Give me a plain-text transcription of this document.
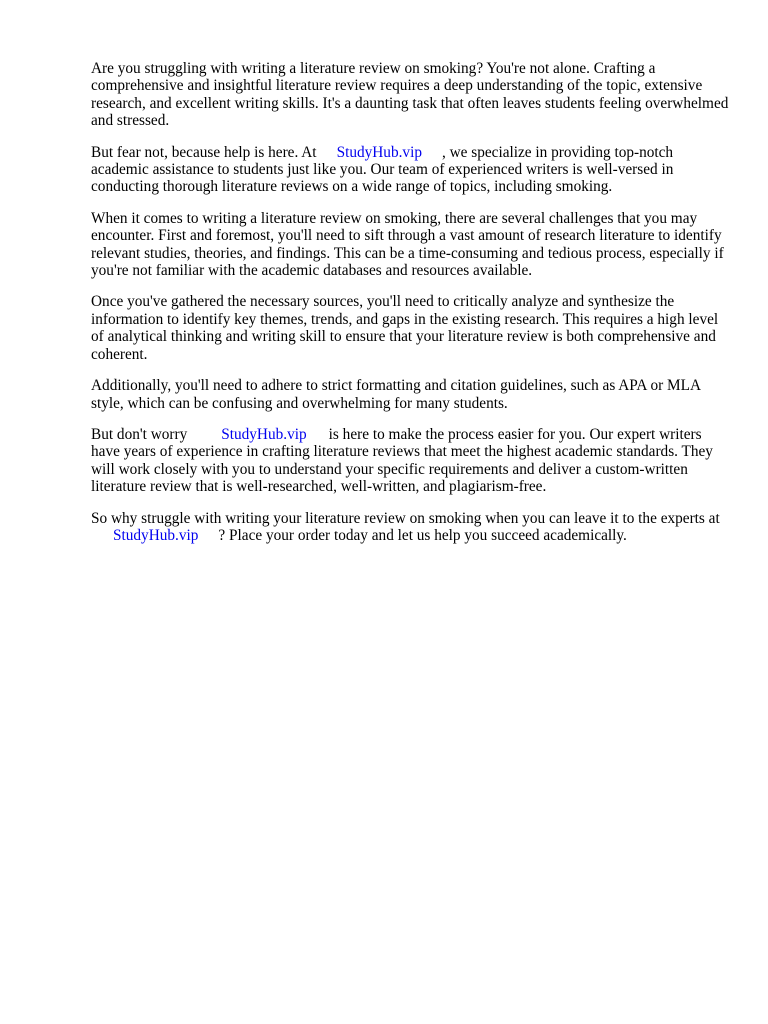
Are you struggling with writing a literature review on smoking? You're not alone. Crafting a comprehensive and insightful literature review requires a deep understanding of the topic, extensive research, and excellent writing skills. It's a daunting task that often leaves students feeling overwhelmed and stressed.

But fear not, because help is here. At StudyHub.vip , we specialize in providing top-notch academic assistance to students just like you. Our team of experienced writers is well-versed in conducting thorough literature reviews on a wide range of topics, including smoking.

When it comes to writing a literature review on smoking, there are several challenges that you may encounter. First and foremost, you'll need to sift through a vast amount of research literature to identify relevant studies, theories, and findings. This can be a time-consuming and tedious process, especially if you're not familiar with the academic databases and resources available.

Once you've gathered the necessary sources, you'll need to critically analyze and synthesize the information to identify key themes, trends, and gaps in the existing research. This requires a high level of analytical thinking and writing skill to ensure that your literature review is both comprehensive and coherent.

Additionally, you'll need to adhere to strict formatting and citation guidelines, such as APA or MLA style, which can be confusing and overwhelming for many students.

But don't worry StudyHub.vip is here to make the process easier for you. Our expert writers have years of experience in crafting literature reviews that meet the highest academic standards. They will work closely with you to understand your specific requirements and deliver a custom-written literature review that is well-researched, well-written, and plagiarism-free.

So why struggle with writing your literature review on smoking when you can leave it to the experts atStudyHub.vip ? Place your order today and let us help you succeed academically.
